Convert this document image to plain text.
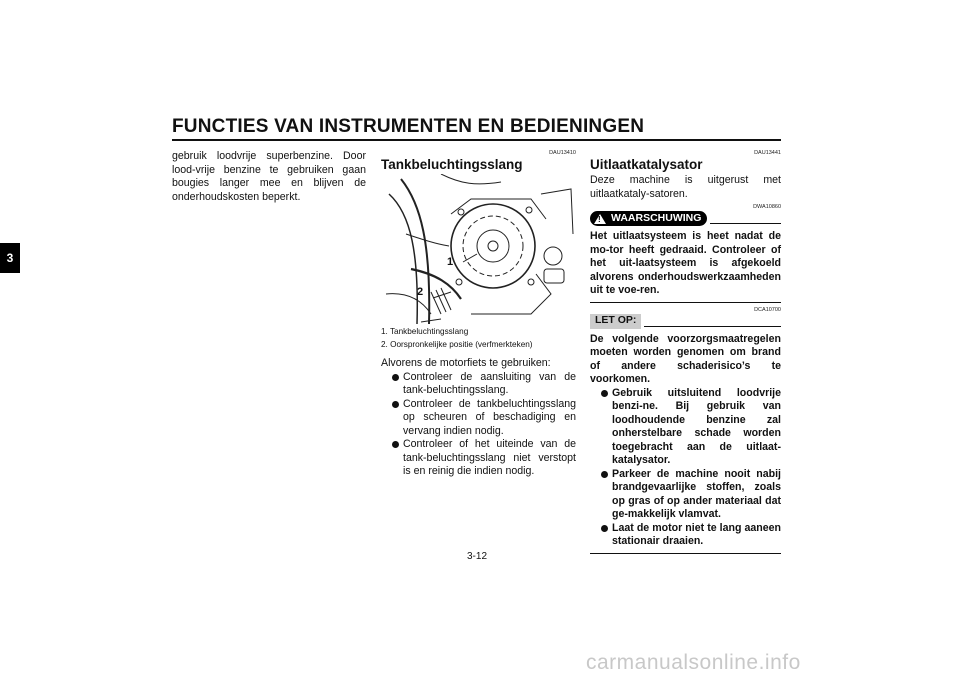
FUNCTIES VAN INSTRUMENTEN EN BEDIENINGEN
3

gebruik loodvrije superbenzine. Door lood-vrije benzine te gebruiken gaan bougies langer mee en blijven de onderhoudskosten beperkt.

DAU13410
Tankbeluchtingsslang
1
2
1. Tankbeluchtingsslang
2. Oorspronkelijke positie (verfmerkteken)

Alvorens de motorfiets te gebruiken:

Controleer de aansluiting van de tank-beluchtingsslang.
Controleer de tankbeluchtingsslang op scheuren of beschadiging en vervang indien nodig.
Controleer of het uiteinde van de tank-beluchtingsslang niet verstopt is en reinig die indien nodig.
DAU13441
Uitlaatkatalysator

Deze machine is uitgerust met uitlaatkataly-satoren.

DWA10860
! WAARSCHUWING

Het uitlaatsysteem is heet nadat de mo-tor heeft gedraaid. Controleer of het uit-laatsysteem is afgekoeld alvorens onderhoudswerkzaamheden uit te voe-ren.

DCA10700
LET OP:

De volgende voorzorgsmaatregelen moeten worden genomen om brand of andere schaderisico’s te voorkomen.

Gebruik uitsluitend loodvrije benzi-ne. Bij gebruik van loodhoudende benzine zal onherstelbare schade worden toegebracht aan de uitlaat-katalysator.
Parkeer de machine nooit nabij brandgevaarlijke stoffen, zoals op gras of op ander materiaal dat ge-makkelijk vlamvat.
Laat de motor niet te lang aaneen stationair draaien.
3-12
carmanualsonline.info
